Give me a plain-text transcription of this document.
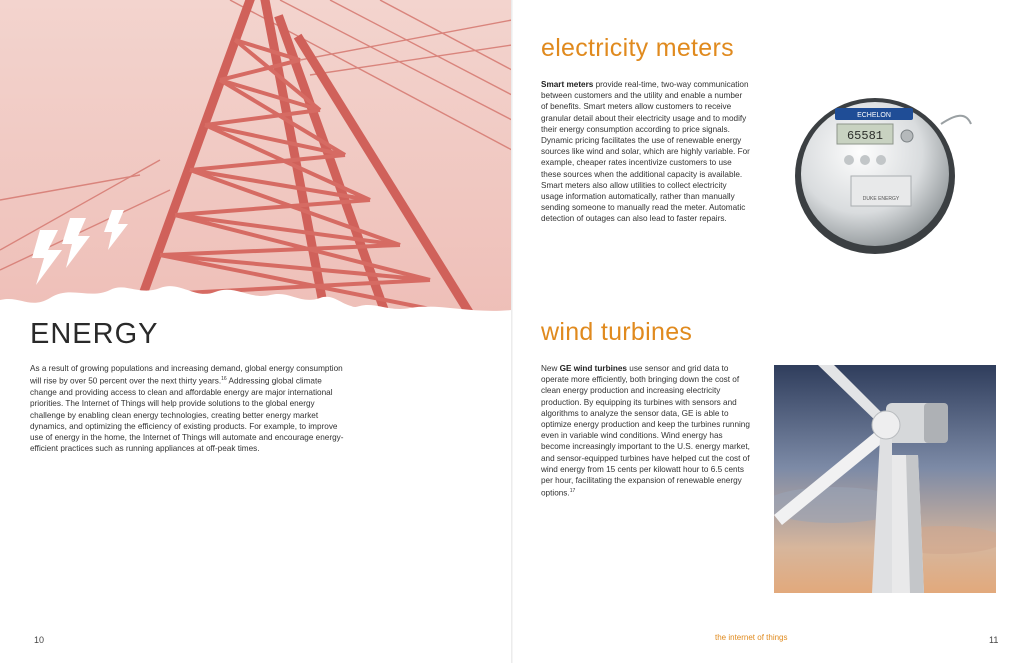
ENERGY

As a result of growing populations and increasing demand, global energy consumption will rise by over 50 percent over the next thirty years.$^{16}$ Addressing global climate change and providing access to clean and affordable energy are major international priorities. The Internet of Things will help provide solutions to the global energy challenge by enabling clean energy technologies, creating better energy market dynamics, and optimizing the efficiency of existing products. For example, to improve use of energy in the home, the Internet of Things will automate and encourage energy-efficient practices such as running appliances at off-peak times.

10
electricity meters

Smart meters provide real-time, two-way communication between customers and the utility and enable a number of benefits. Smart meters allow customers to receive granular detail about their electricity usage and to modify their energy consumption according to price signals. Dynamic pricing facilitates the use of renewable energy sources like wind and solar, which are highly variable. For example, cheaper rates incentivize customers to use these sources when the additional capacity is available. Smart meters also allow utilities to collect electricity usage information automatically, rather than manually sending someone to manually read the meter. Automatic detection of outages can also lead to faster repairs.

ECHELON
65581
DUKE ENERGY
wind turbines

New GE wind turbines use sensor and grid data to operate more efficiently, both bringing down the cost of clean energy production and increasing electricity production. By equipping its turbines with sensors and algorithms to analyze the sensor data, GE is able to optimize energy production and keep the turbines running even in variable wind conditions. Wind energy has become increasingly important to the U.S. energy market, and sensor-equipped turbines have helped cut the cost of wind energy from 15 cents per kilowatt hour to 6.5 cents per hour, facilitating the expansion of renewable energy options.$^{17}$

the internet of things	11
